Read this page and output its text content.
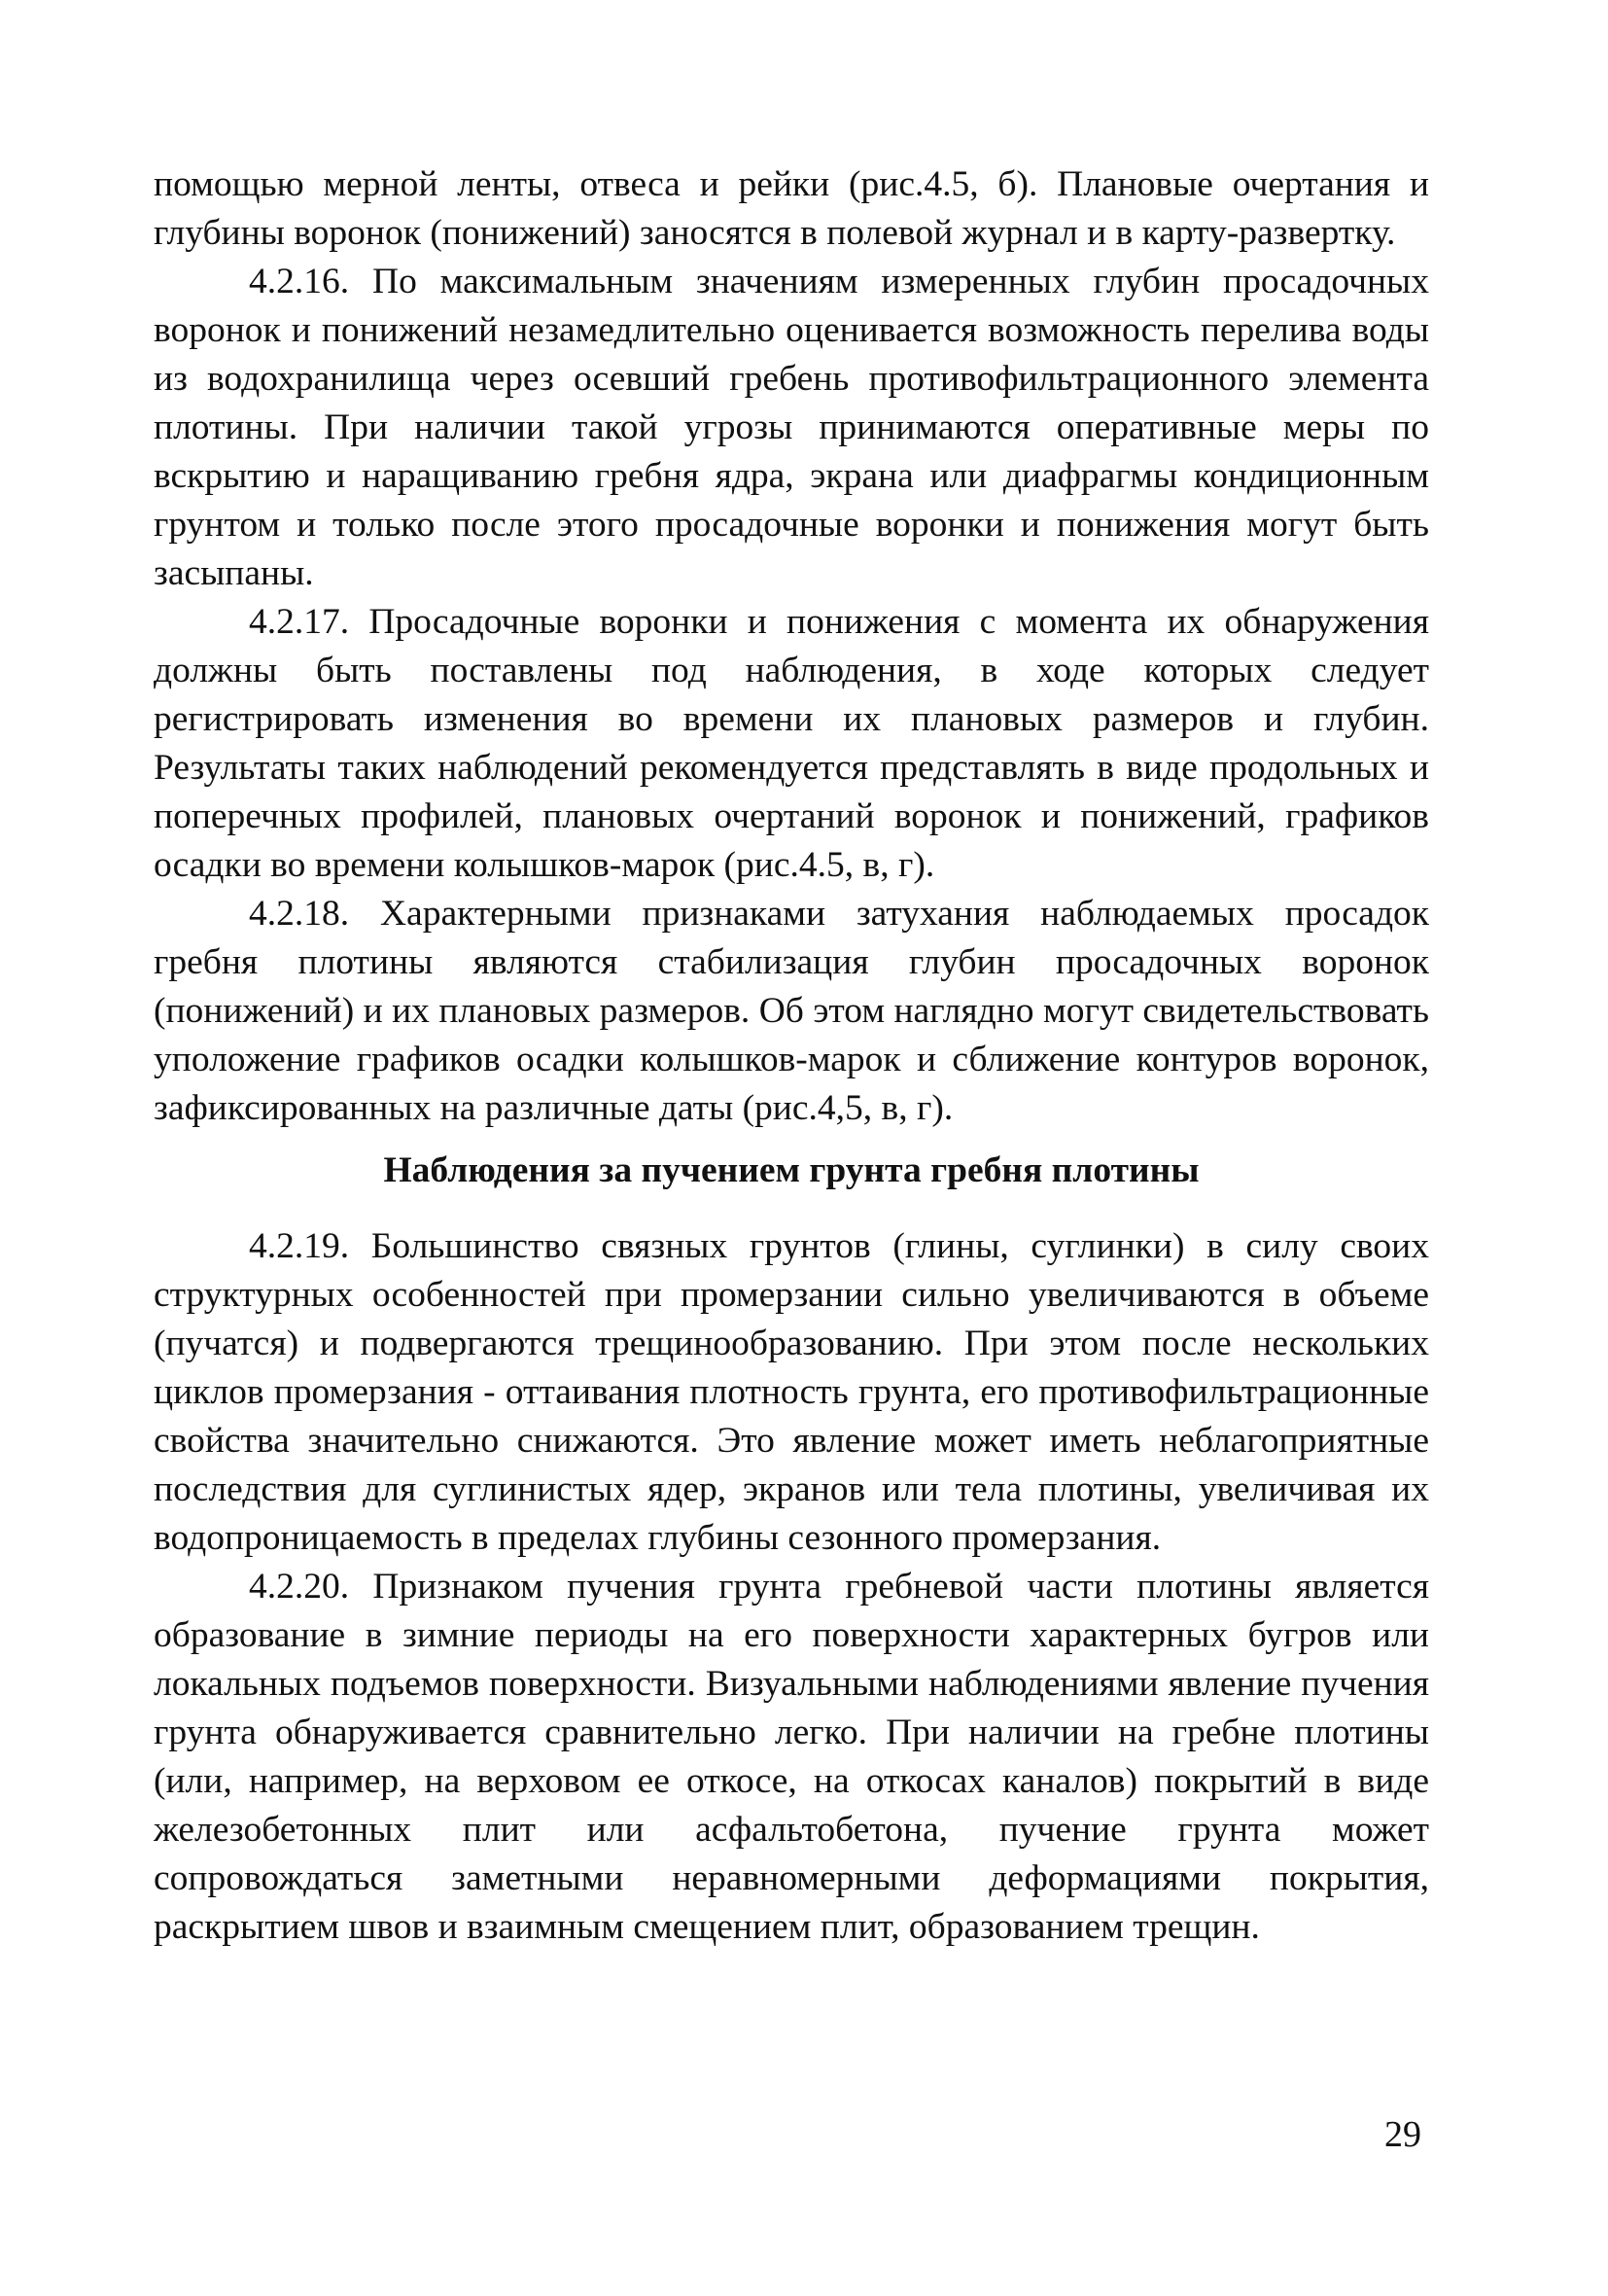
помощью мерной ленты, отвеса и рейки (рис.4.5, б). Плановые очертания и глубины воронок (понижений) заносятся в полевой журнал и в карту-развертку.

4.2.16. По максимальным значениям измеренных глубин просадочных воронок и понижений незамедлительно оценивается возможность перелива воды из водохранилища через осевший гребень противофильтрационного элемента плотины. При наличии такой угрозы принимаются оперативные меры по вскрытию и наращиванию гребня ядра, экрана или диафрагмы кондиционным грунтом и только после этого просадочные воронки и понижения могут быть засыпаны.

4.2.17. Просадочные воронки и понижения с момента их обнаружения должны быть поставлены под наблюдения, в ходе которых следует регистрировать изменения во времени их плановых размеров и глубин. Результаты таких наблюдений рекомендуется представлять в виде продольных и поперечных профилей, плановых очертаний воронок и понижений, графиков осадки во времени колышков-марок (рис.4.5, в, г).

4.2.18. Характерными признаками затухания наблюдаемых просадок гребня плотины являются стабилизация глубин просадочных воронок (понижений) и их плановых размеров. Об этом наглядно могут свидетельствовать уположение графиков осадки колышков-марок и сближение контуров воронок, зафиксированных на различные даты (рис.4,5, в, г).

Наблюдения за пучением грунта гребня плотины

4.2.19. Большинство связных грунтов (глины, суглинки) в силу своих структурных особенностей при промерзании сильно увеличиваются в объеме (пучатся) и подвергаются трещинообразованию. При этом после нескольких циклов промерзания - оттаивания плотность грунта, его противофильтрационные свойства значительно снижаются. Это явление может иметь неблагоприятные последствия для суглинистых ядер, экранов или тела плотины, увеличивая их водопроницаемость в пределах глубины сезонного промерзания.

4.2.20. Признаком пучения грунта гребневой части плотины является образование в зимние периоды на его поверхности характерных бугров или локальных подъемов поверхности. Визуальными наблюдениями явление пучения грунта обнаруживается сравнительно легко. При наличии на гребне плотины (или, например, на верховом ее откосе, на откосах каналов) покрытий в виде железобетонных плит или асфальтобетона, пучение грунта может сопровождаться заметными неравномерными деформациями покрытия, раскрытием швов и взаимным смещением плит, образованием трещин.

29
